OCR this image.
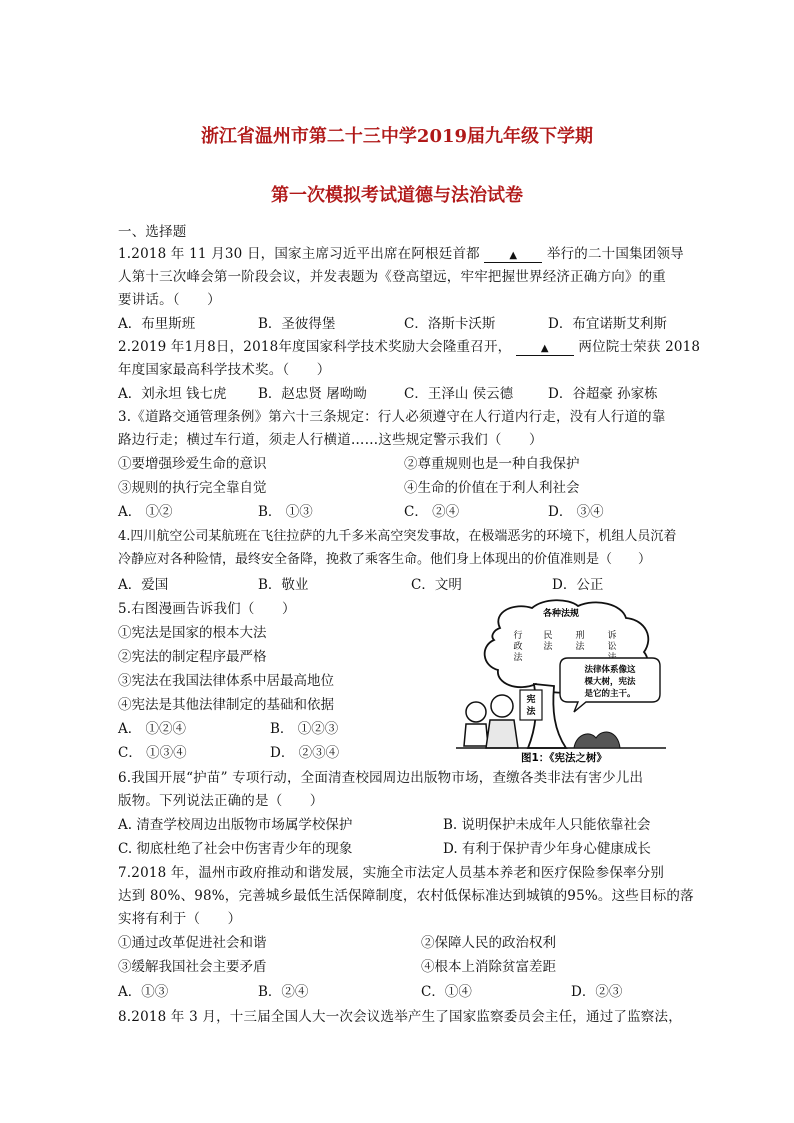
浙江省温州市第二十三中学2019届九年级下学期
第一次模拟考试道德与法治试卷
一、选择题
1.2018 年 11 月30 日，国家主席习近平出席在阿根廷首都	▲ 举行的二十国集团领导
人第十三次峰会第一阶段会议，并发表题为《登高望远，牢牢把握世界经济正确方向》的重
要讲话。（　　）
A．布里斯班	B．圣彼得堡	C．洛斯卡沃斯	D．布宜诺斯艾利斯
2.2019 年1月8日，2018年度国家科学技术奖励大会隆重召开，	▲ 两位院士荣获 2018
年度国家最高科学技术奖。（　　）
A．刘永坦 钱七虎 B．赵忠贤 屠呦呦	C．王泽山 侯云德	D．谷超豪 孙家栋
3.《道路交通管理条例》第六十三条规定：行人必须遵守在人行道内行走，没有人行道的靠
路边行走；横过车行道，须走人行横道……这些规定警示我们（　　）
①要增强珍爱生命的意识	②尊重规则也是一种自我保护
③规则的执行完全靠自觉	④生命的价值在于利人利社会
A． ①②	B． ①③	C． ②④	D． ③④
4.四川航空公司某航班在飞往拉萨的九千多米高空突发事故，在极端恶劣的环境下，机组人员沉着
冷静应对各种险情，最终安全备降，挽救了乘客生命。他们身上体现出的价值准则是（　　）
A．爱国	B．敬业	C．文明	D．公正
5.右图漫画告诉我们（　　）
①宪法是国家的根本大法
②宪法的制定程序最严格
③宪法在我国法律体系中居最高地位
④宪法是其他法律制定的基础和依据
A． ①②④	B． ①②③
C． ①③④	D． ②③④
各种法规
行政法
民法
刑法
诉讼
宪
法
法律体系像这
棵大树，宪法
是它的主干。
图1：《宪法之树》
6.我国开展“护苗” 专项行动，全面清查校园周边出版物市场，查缴各类非法有害少儿出
版物。下列说法正确的是（　　）
A. 清查学校周边出版物市场属学校保护	B. 说明保护未成年人只能依靠社会
C. 彻底杜绝了社会中伤害青少年的现象	D. 有利于保护青少年身心健康成长
7.2018 年，温州市政府推动和谐发展，实施全市法定人员基本养老和医疗保险参保率分别
达到 80%、98%，完善城乡最低生活保障制度，农村低保标准达到城镇的95%。这些目标的落
实将有利于（　　）
①通过改革促进社会和谐	②保障人民的政治权利
③缓解我国社会主要矛盾	④根本上消除贫富差距
A．①③	B．②④	C．①④	D．②③
8.2018 年 3 月，十三届全国人大一次会议选举产生了国家监察委员会主任，通过了监察法，
